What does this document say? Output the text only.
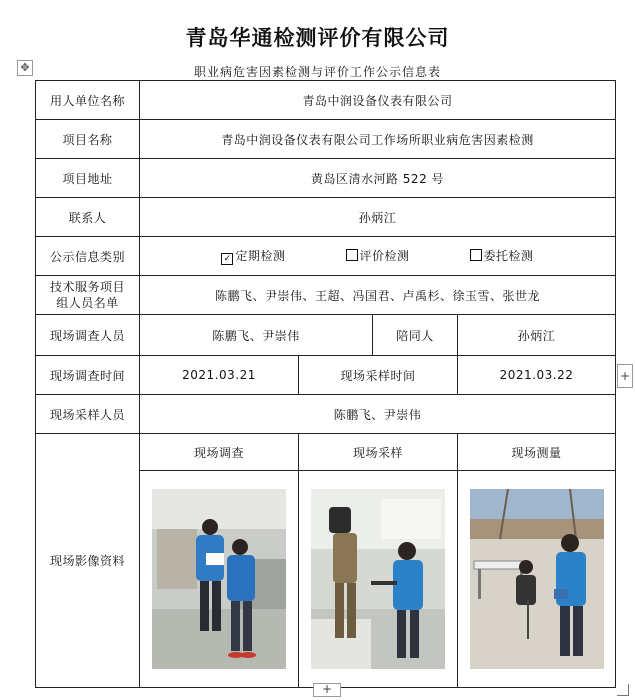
青岛华通检测评价有限公司
✥	职业病危害因素检测与评价工作公示信息表
用人单位名称	青岛中润设备仪表有限公司			
项目名称	青岛中润设备仪表有限公司工作场所职业病危害因素检测			
项目地址	黄岛区清水河路 522 号			
联系人	孙炳江			
公示信息类别	✓ 定期检测 评价检测 委托检测			
技术服务项目
组人员名单	陈鹏飞、尹崇伟、王超、冯国君、卢禹杉、徐玉雪、张世龙			
现场调查人员	陈鹏飞、尹崇伟		陪同人	孙炳江
现场调查时间	2021.03.21	现场采样时间		2021.03.22
现场采样人员	陈鹏飞、尹崇伟			
现场影像资料	现场调查	现场采样		现场测量

+
+
